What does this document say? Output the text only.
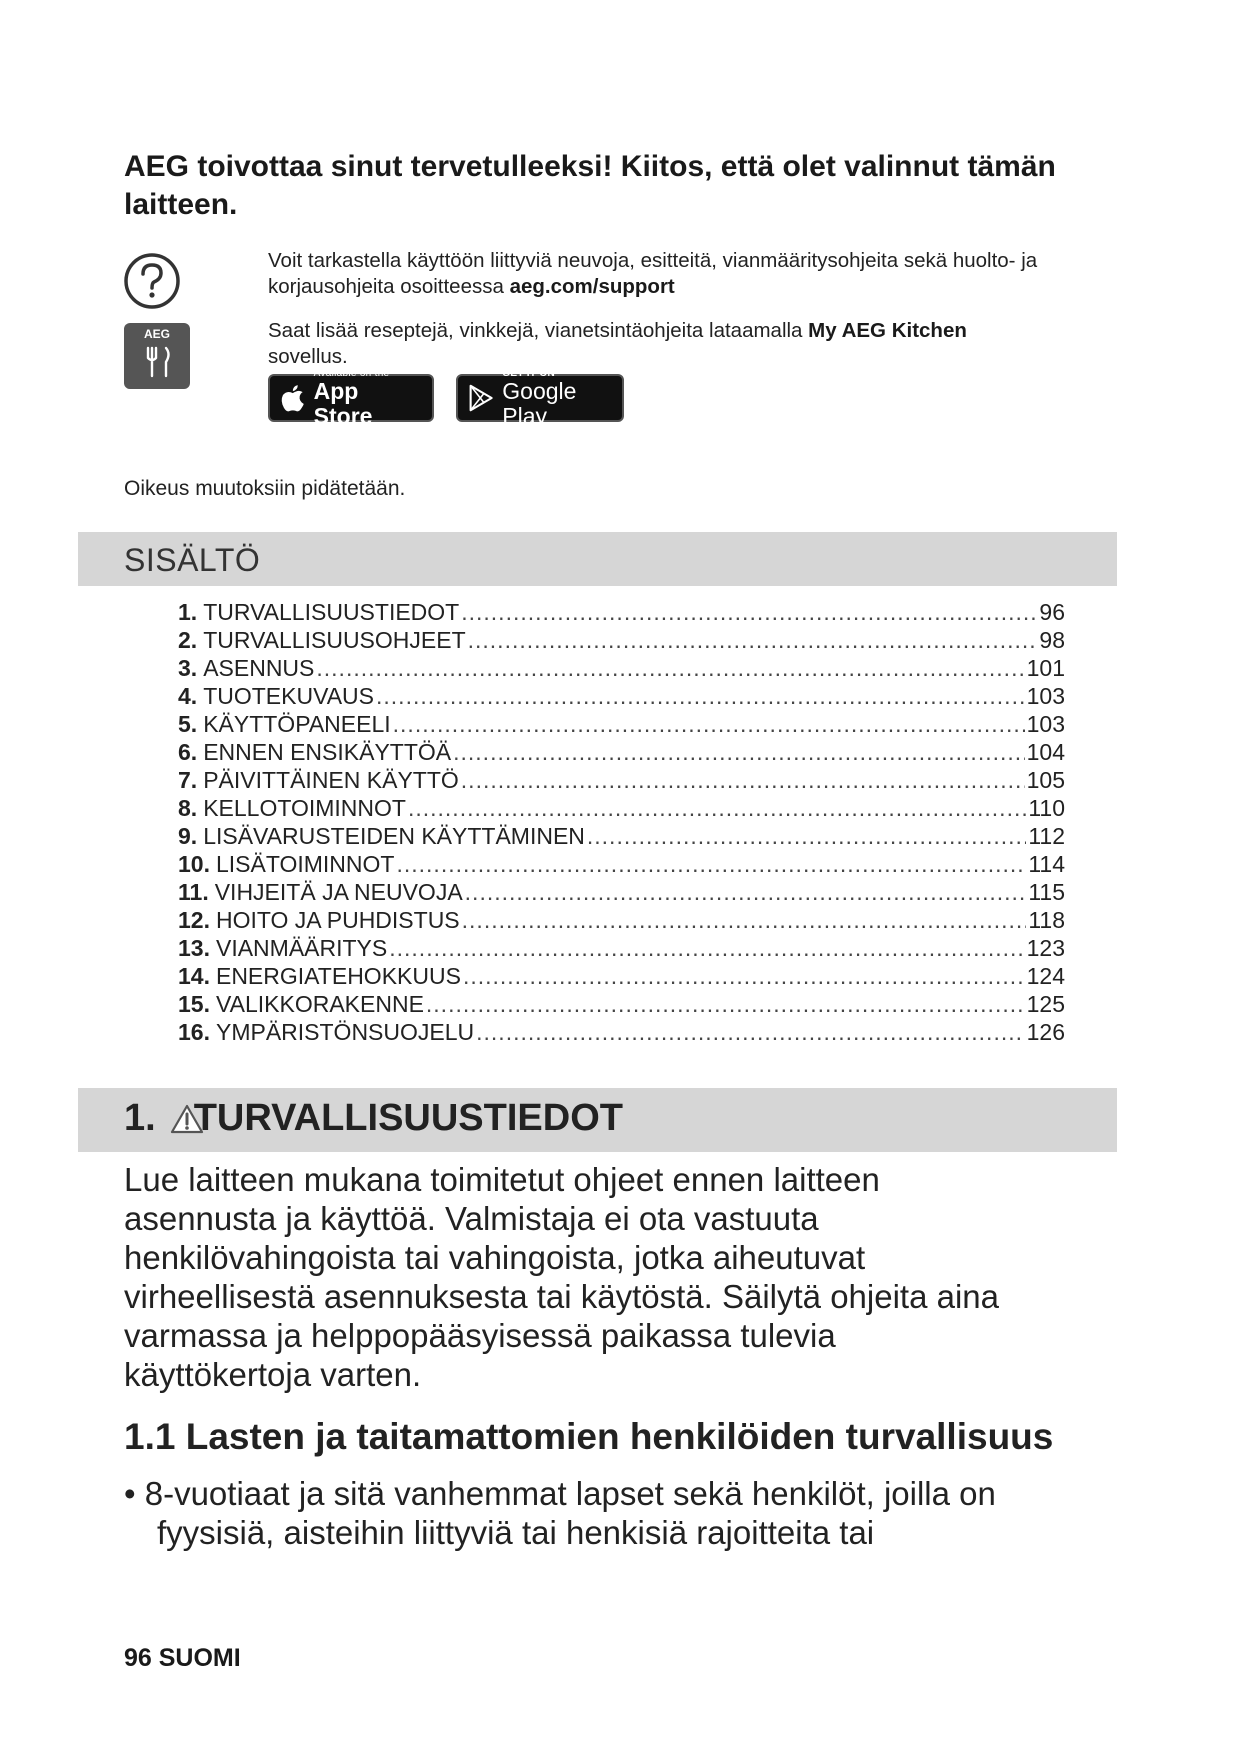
AEG toivottaa sinut tervetulleeksi! Kiitos, että olet valinnut tämän
laitteen.
Voit tarkastella käyttöön liittyviä neuvoja, esitteitä, vianmääritysohjeita sekä huolto- ja
korjausohjeita osoitteessa aeg.com/support
AEG	Saat lisää reseptejä, vinkkejä, vianetsintäohjeita lataamalla My AEG Kitchen
sovellus.
Available on the
App Store
GET IT ON
Google Play
Oikeus muutoksiin pidätetään.
SISÄLTÖ
1. TURVALLISUUSTIEDOT .....	96
2. TURVALLISUUSOHJEET .....	98
3. ASENNUS .....	101
4. TUOTEKUVAUS .....	103
5. KÄYTTÖPANEELI .....	103
6. ENNEN ENSIKÄYTTÖÄ .....	104
7. PÄIVITTÄINEN KÄYTTÖ .....	105
8. KELLOTOIMINNOT .....	110
9. LISÄVARUSTEIDEN KÄYTTÄMINEN .....	112
10. LISÄTOIMINNOT .....	114
11. VIHJEITÄ JA NEUVOJA .....	115
12. HOITO JA PUHDISTUS .....	118
13. VIANMÄÄRITYS .....	123
14. ENERGIATEHOKKUUS .....	124
15. VALIKKORAKENNE .....	125
16. YMPÄRISTÖNSUOJELU .....	126
1. TURVALLISUUSTIEDOT
Lue laitteen mukana toimitetut ohjeet ennen laitteen
asennusta ja käyttöä. Valmistaja ei ota vastuuta
henkilövahingoista tai vahingoista, jotka aiheutuvat
virheellisestä asennuksesta tai käytöstä. Säilytä ohjeita aina
varmassa ja helppopääsyisessä paikassa tulevia
käyttökertoja varten.
1.1 Lasten ja taitamattomien henkilöiden turvallisuus
• 8-vuotiaat ja sitä vanhemmat lapset sekä henkilöt, joilla on
fyysisiä, aisteihin liittyviä tai henkisiä rajoitteita tai
96 SUOMI
